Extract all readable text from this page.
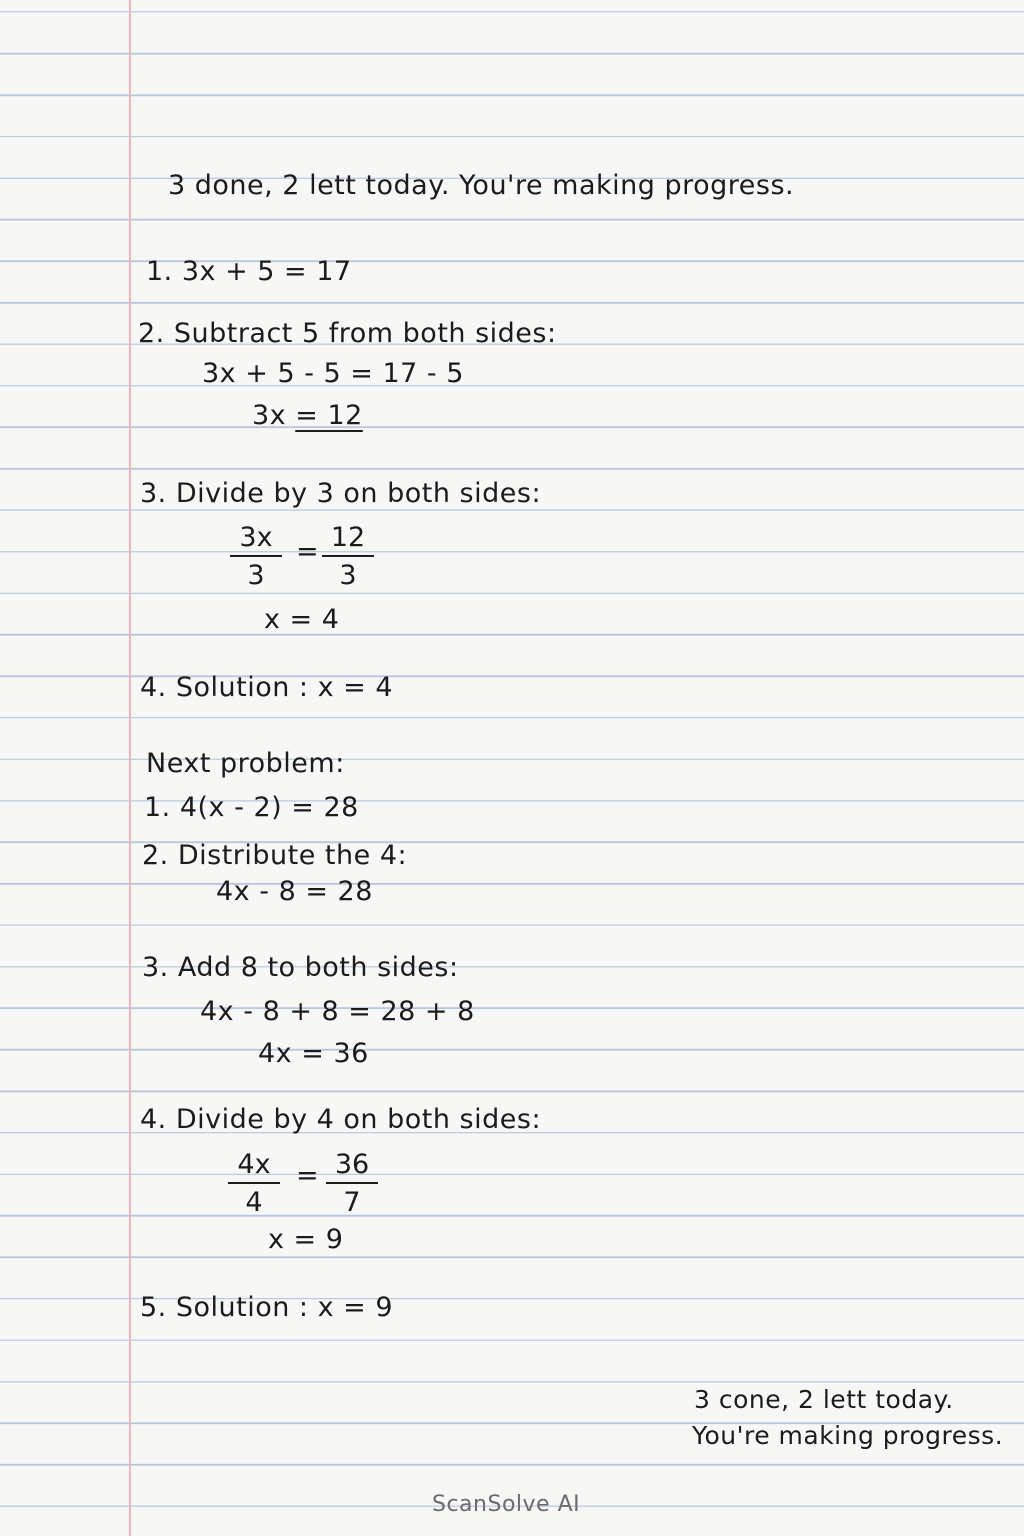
3 done, 2 lett today. You're making progress.
1. 3x + 5 = 17
2. Subtract 5 from both sides:
3x + 5 - 5 = 17 - 5
3x = 12
3. Divide by 3 on both sides:
$\frac{3x}{3} = \frac{12}{3}$
x = 4
4. Solution : x = 4
Next problem:
1. 4(x - 2) = 28
2. Distribute the 4:
4x - 8 = 28
3. Add 8 to both sides:
4x - 8 + 8 = 28 + 8
4x = 36
4. Divide by 4 on both sides:
$\frac{4x}{4} = \frac{36}{7}$
x = 9
5. Solution : x = 9
3 cone, 2 lett today.
You're making progress.
ScanSolve AI
